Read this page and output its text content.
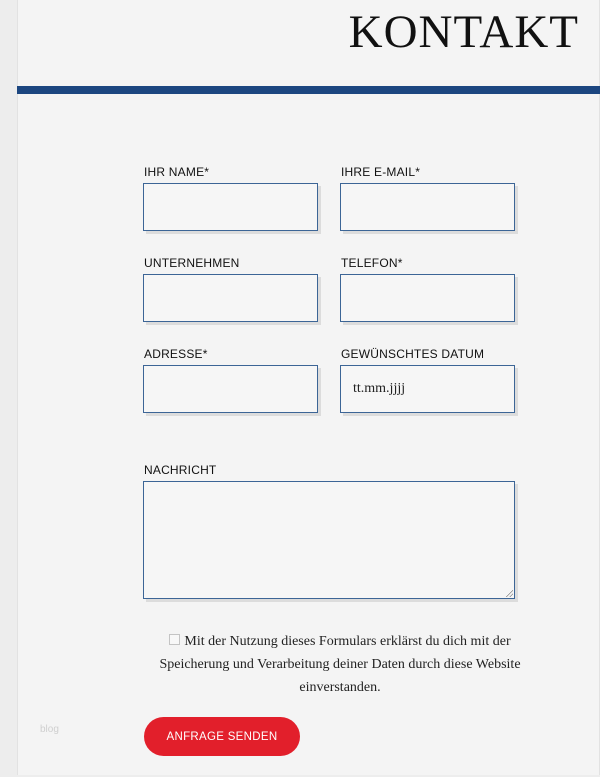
KONTAKT
IHR NAME*	IHRE E-MAIL*
UNTERNEHMEN	TELEFON*
ADRESSE*	GEWÜNSCHTES DATUM
tt.mm.jjjj
NACHRICHT
Mit der Nutzung dieses Formulars erklärst du dich mit der Speicherung und Verarbeitung deiner Daten durch diese Website einverstanden.
ANFRAGE SENDEN
blog
